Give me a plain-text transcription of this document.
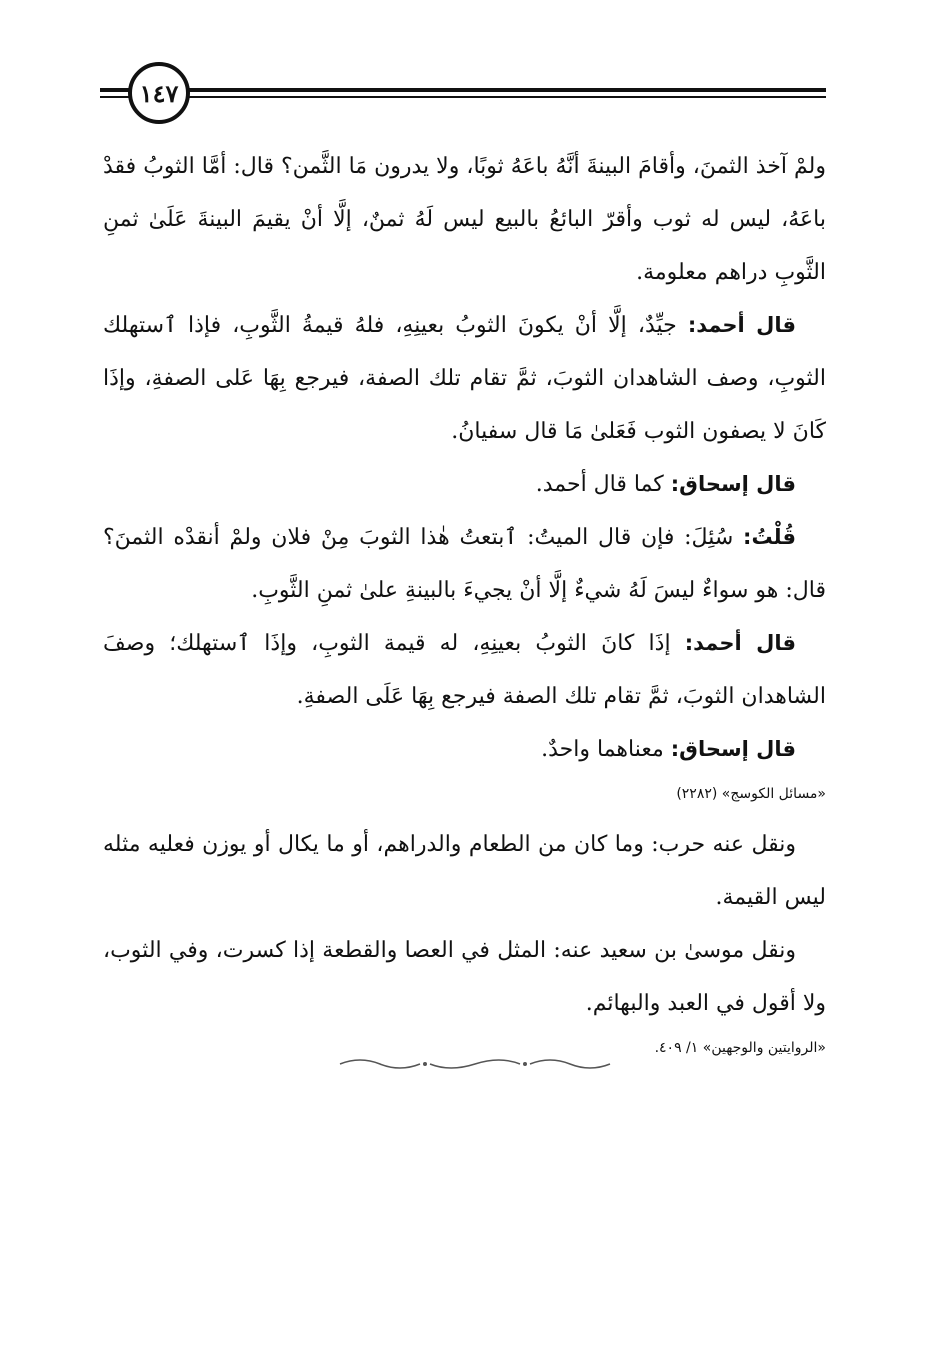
١٤٧

ولمْ آخذ الثمنَ، وأقامَ البينةَ أنَّهُ باعَهُ ثوبًا، ولا يدرون مَا الثَّمن؟ قال: أمَّا الثوبُ فقدْ باعَهُ، ليس له ثوب وأقرّ البائعُ بالبيع ليس لَهُ ثمنٌ، إلَّا أنْ يقيمَ البينةَ عَلَىٰ ثمنِ الثَّوبِ دراهم معلومة.

قال أحمد: جيِّدٌ، إلَّا أنْ يكونَ الثوبُ بعينِهِ، فلهُ قيمةُ الثَّوبِ، فإذا ٱستهلك الثوبِ، وصف الشاهدان الثوبَ، ثمَّ تقام تلك الصفة، فيرجع بِهَا عَلى الصفةِ، وإذَا كَانَ لا يصفون الثوب فَعَلىٰ مَا قال سفيانُ.

قال إسحاق: كما قال أحمد.

قُلْتُ: سُئِلَ: فإن قال الميتُ: ٱبتعتُ هٰذا الثوبَ مِنْ فلان ولمْ أنقدْه الثمنَ؟ قال: هو سواءٌ ليسَ لَهُ شيءٌ إلَّا أنْ يجيءَ بالبينةِ علىٰ ثمنِ الثَّوبِ.

قال أحمد: إذَا كانَ الثوبُ بعينِهِ، له قيمة الثوبِ، وإذَا ٱستهلك؛ وصفَ الشاهدان الثوبَ، ثمَّ تقام تلك الصفة فيرجع بِهَا عَلَى الصفةِ.

قال إسحاق: معناهما واحدٌ.

«مسائل الكوسج» (٢٢٨٢)

ونقل عنه حرب: وما كان من الطعام والدراهم، أو ما يكال أو يوزن فعليه مثله ليس القيمة.

ونقل موسىٰ بن سعيد عنه: المثل في العصا والقطعة إذا كسرت، وفي الثوب، ولا أقول في العبد والبهائم.

«الروايتين والوجهين» ١/ ٤٠٩.
